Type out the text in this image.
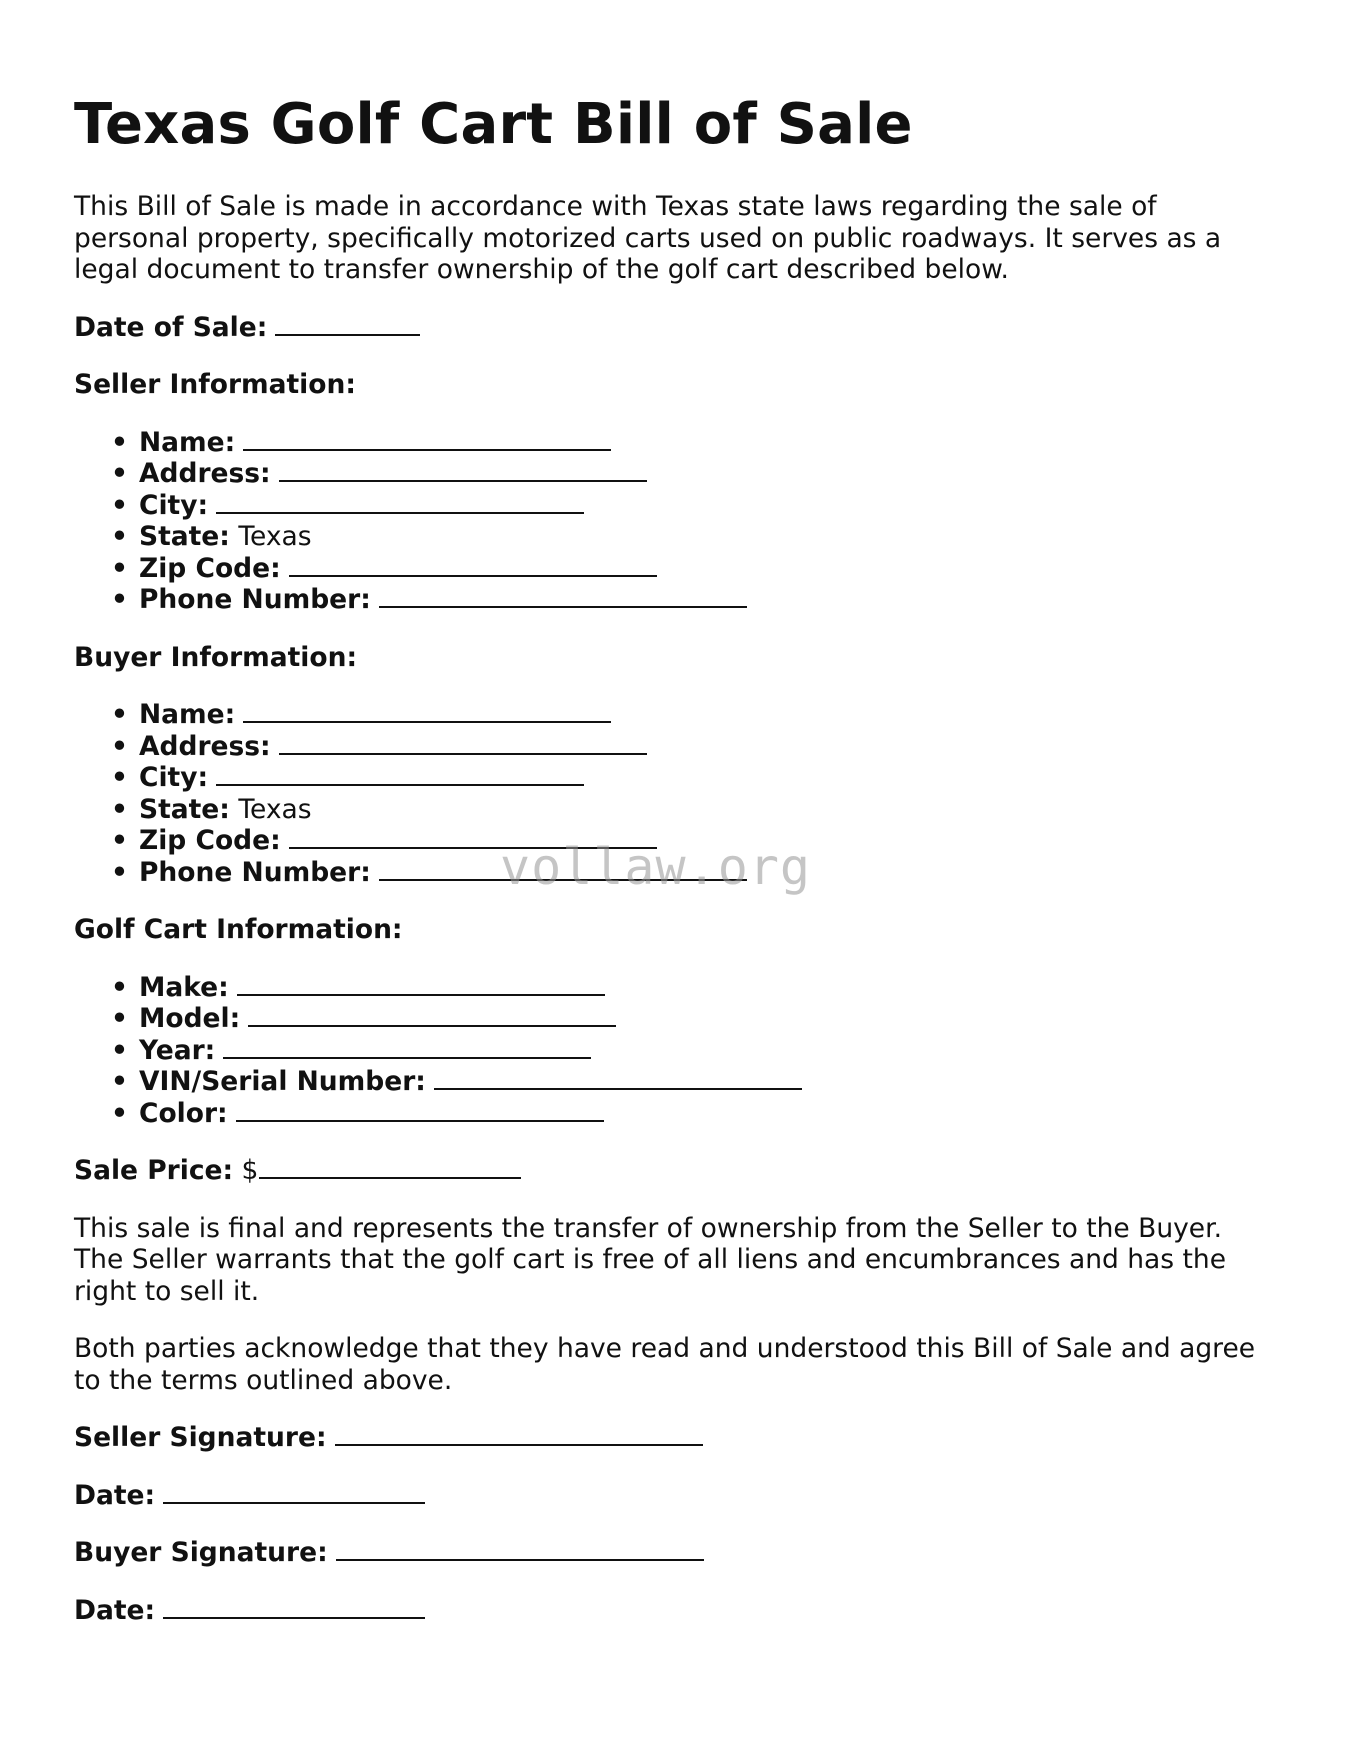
Texas Golf Cart Bill of Sale

This Bill of Sale is made in accordance with Texas state laws regarding the sale of personal property, specifically motorized carts used on public roadways. It serves as a legal document to transfer ownership of the golf cart described below.

Date of Sale:

Seller Information:

• Name:
• Address:
• City:
• State: Texas
• Zip Code:
• Phone Number:

Buyer Information:

• Name:
• Address:
• City:
• State: Texas
• Zip Code:
• Phone Number:

Golf Cart Information:

• Make:
• Model:
• Year:
• VIN/Serial Number:
• Color:

Sale Price: $

This sale is final and represents the transfer of ownership from the Seller to the Buyer. The Seller warrants that the golf cart is free of all liens and encumbrances and has the right to sell it.

Both parties acknowledge that they have read and understood this Bill of Sale and agree to the terms outlined above.

Seller Signature:

Date:

Buyer Signature:

Date:

vollaw.org
